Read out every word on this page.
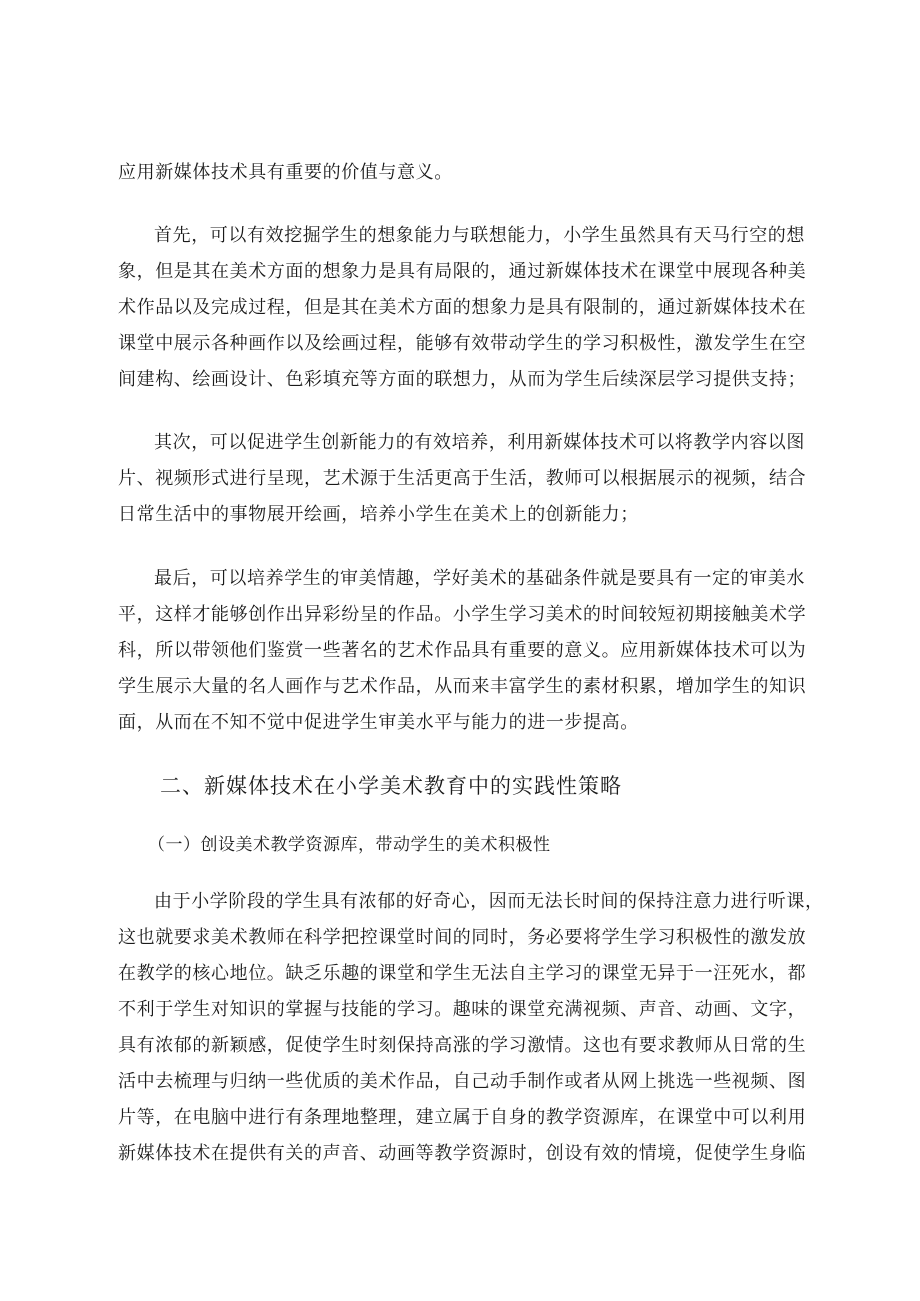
应用新媒体技术具有重要的价值与意义。
首先，可以有效挖掘学生的想象能力与联想能力，小学生虽然具有天马行空的想
象，但是其在美术方面的想象力是具有局限的，通过新媒体技术在课堂中展现各种美
术作品以及完成过程，但是其在美术方面的想象力是具有限制的，通过新媒体技术在
课堂中展示各种画作以及绘画过程，能够有效带动学生的学习积极性，激发学生在空
间建构、绘画设计、色彩填充等方面的联想力，从而为学生后续深层学习提供支持；
其次，可以促进学生创新能力的有效培养，利用新媒体技术可以将教学内容以图
片、视频形式进行呈现，艺术源于生活更高于生活，教师可以根据展示的视频，结合
日常生活中的事物展开绘画，培养小学生在美术上的创新能力；
最后，可以培养学生的审美情趣，学好美术的基础条件就是要具有一定的审美水
平，这样才能够创作出异彩纷呈的作品。小学生学习美术的时间较短初期接触美术学
科，所以带领他们鉴赏一些著名的艺术作品具有重要的意义。应用新媒体技术可以为
学生展示大量的名人画作与艺术作品，从而来丰富学生的素材积累，增加学生的知识
面，从而在不知不觉中促进学生审美水平与能力的进一步提高。
二、新媒体技术在小学美术教育中的实践性策略
（一）创设美术教学资源库，带动学生的美术积极性
由于小学阶段的学生具有浓郁的好奇心，因而无法长时间的保持注意力进行听课，
这也就要求美术教师在科学把控课堂时间的同时，务必要将学生学习积极性的激发放
在教学的核心地位。缺乏乐趣的课堂和学生无法自主学习的课堂无异于一汪死水，都
不利于学生对知识的掌握与技能的学习。趣味的课堂充满视频、声音、动画、文字，
具有浓郁的新颖感，促使学生时刻保持高涨的学习激情。这也有要求教师从日常的生
活中去梳理与归纳一些优质的美术作品，自己动手制作或者从网上挑选一些视频、图
片等，在电脑中进行有条理地整理，建立属于自身的教学资源库，在课堂中可以利用
新媒体技术在提供有关的声音、动画等教学资源时，创设有效的情境，促使学生身临
